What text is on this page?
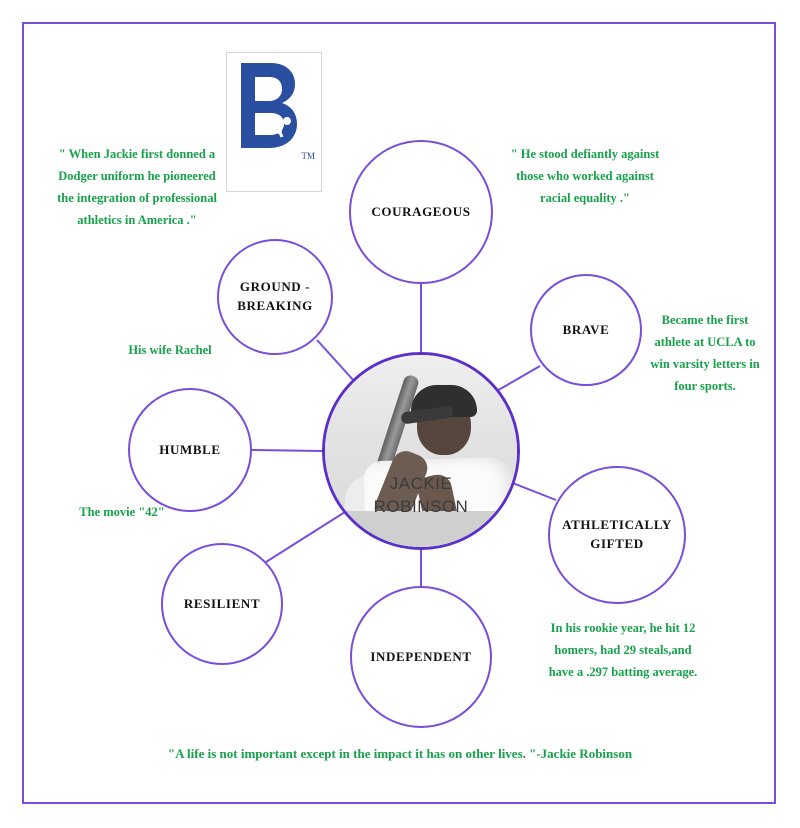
TM
JACKIE
ROBINSON
COURAGEOUS
GROUND -
BREAKING
BRAVE
HUMBLE
ATHLETICALLY
GIFTED
RESILIENT
INDEPENDENT
" When Jackie first donned a Dodger uniform he pioneered the integration of professional athletics in America ."
" He stood defiantly against those who worked against racial equality ."
His wife Rachel
Became the first athlete at UCLA to win varsity letters in four sports.
The movie "42"
In his rookie year, he hit 12 homers, had 29 steals,and have a .297 batting average.
"A life is not important except in the impact it has on other lives. "-Jackie Robinson
